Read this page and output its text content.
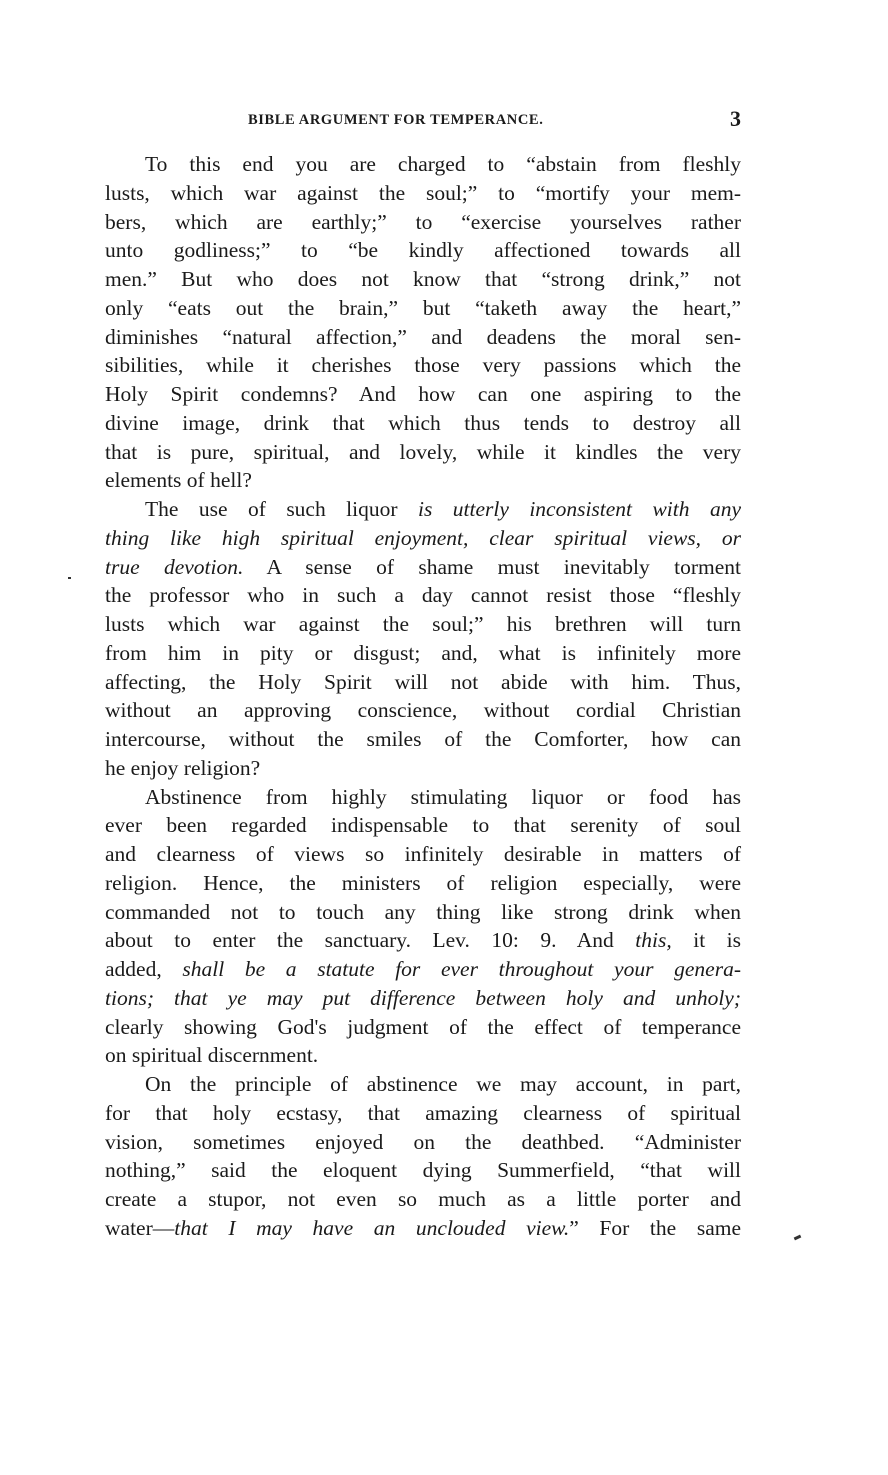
BIBLE ARGUMENT FOR TEMPERANCE.	3
To this end you are charged to “abstain from fleshly
lusts, which war against the soul;” to “mortify your mem-
bers, which are earthly;” to “exercise yourselves rather
unto godliness;” to “be kindly affectioned towards all
men.” But who does not know that “strong drink,” not
only “eats out the brain,” but “taketh away the heart,”
diminishes “natural affection,” and deadens the moral sen-
sibilities, while it cherishes those very passions which the
Holy Spirit condemns? And how can one aspiring to the
divine image, drink that which thus tends to destroy all
that is pure, spiritual, and lovely, while it kindles the very
elements of hell?
The use of such liquor is utterly inconsistent with any
thing like high spiritual enjoyment, clear spiritual views, or
true devotion. A sense of shame must inevitably torment
the professor who in such a day cannot resist those “fleshly
lusts which war against the soul;” his brethren will turn
from him in pity or disgust; and, what is infinitely more
affecting, the Holy Spirit will not abide with him. Thus,
without an approving conscience, without cordial Christian
intercourse, without the smiles of the Comforter, how can
he enjoy religion?
Abstinence from highly stimulating liquor or food has
ever been regarded indispensable to that serenity of soul
and clearness of views so infinitely desirable in matters of
religion. Hence, the ministers of religion especially, were
commanded not to touch any thing like strong drink when
about to enter the sanctuary. Lev. 10: 9. And this, it is
added, shall be a statute for ever throughout your genera-
tions; that ye may put difference between holy and unholy;
clearly showing God's judgment of the effect of temperance
on spiritual discernment.
On the principle of abstinence we may account, in part,
for that holy ecstasy, that amazing clearness of spiritual
vision, sometimes enjoyed on the deathbed. “Administer
nothing,” said the eloquent dying Summerfield, “that will
create a stupor, not even so much as a little porter and
water—that I may have an unclouded view.” For the same
